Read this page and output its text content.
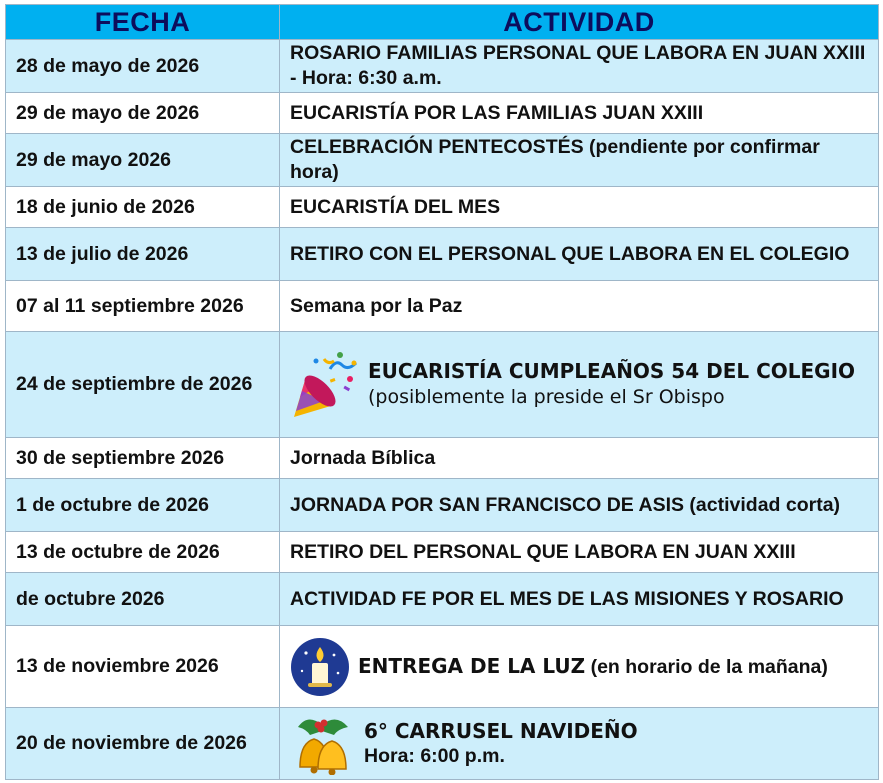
FECHA	ACTIVIDAD
28 de mayo de 2026	ROSARIO FAMILIAS PERSONAL QUE LABORA EN JUAN XXIII - Hora: 6:30 a.m.
29 de mayo de 2026	EUCARISTÍA POR LAS FAMILIAS JUAN XXIII
29 de mayo 2026	CELEBRACIÓN PENTECOSTÉS (pendiente por confirmar hora)
18 de junio de 2026	EUCARISTÍA DEL MES
13 de julio de 2026	RETIRO CON EL PERSONAL QUE LABORA EN EL COLEGIO
07 al 11 septiembre 2026	Semana por la Paz
24 de septiembre de 2026	EUCARISTÍA CUMPLEAÑOS 54 DEL COLEGIO (posiblemente la preside el Sr Obispo

30 de septiembre 2026	Jornada Bíblica
1 de octubre de 2026	JORNADA POR SAN FRANCISCO DE ASIS (actividad corta)
13 de octubre de 2026	RETIRO DEL PERSONAL QUE LABORA EN JUAN XXIII
de octubre 2026	ACTIVIDAD FE POR EL MES DE LAS MISIONES Y ROSARIO
13 de noviembre 2026	ENTREGA DE LA LUZ (en horario de la mañana)

20 de noviembre de 2026	6° CARRUSEL NAVIDEÑO
Hora: 6:00 p.m.
